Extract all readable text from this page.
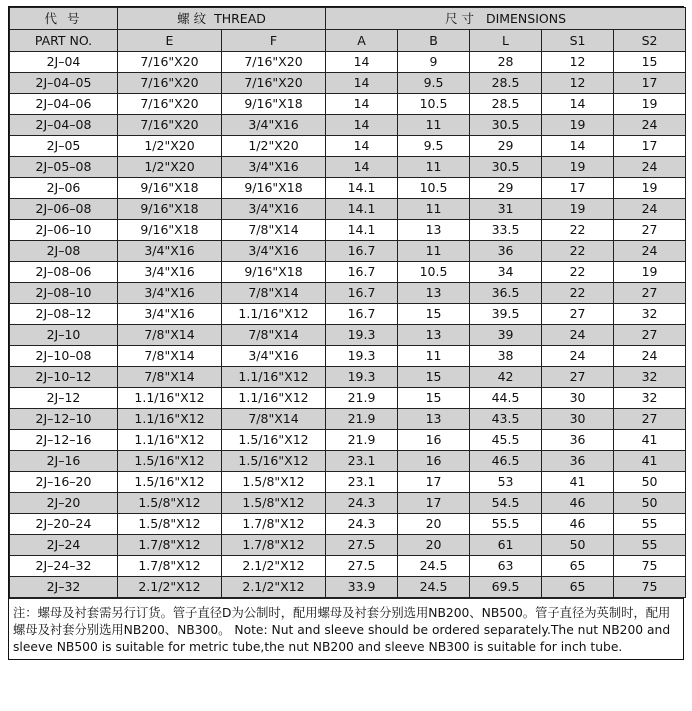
代 号	螺 纹 THREAD		尺 寸 DIMENSIONS				
PART NO.	E	F	A	B	L	S1	S2
2J–04	7/16"X20	7/16"X20	14	9	28	12	15
2J–04–05	7/16"X20	7/16"X20	14	9.5	28.5	12	17
2J–04–06	7/16"X20	9/16"X18	14	10.5	28.5	14	19
2J–04–08	7/16"X20	3/4"X16	14	11	30.5	19	24
2J–05	1/2"X20	1/2"X20	14	9.5	29	14	17
2J–05–08	1/2"X20	3/4"X16	14	11	30.5	19	24
2J–06	9/16"X18	9/16"X18	14.1	10.5	29	17	19
2J–06–08	9/16"X18	3/4"X16	14.1	11	31	19	24
2J–06–10	9/16"X18	7/8"X14	14.1	13	33.5	22	27
2J–08	3/4"X16	3/4"X16	16.7	11	36	22	24
2J–08–06	3/4"X16	9/16"X18	16.7	10.5	34	22	19
2J–08–10	3/4"X16	7/8"X14	16.7	13	36.5	22	27
2J–08–12	3/4"X16	1.1/16"X12	16.7	15	39.5	27	32
2J–10	7/8"X14	7/8"X14	19.3	13	39	24	27
2J–10–08	7/8"X14	3/4"X16	19.3	11	38	24	24
2J–10–12	7/8"X14	1.1/16"X12	19.3	15	42	27	32
2J–12	1.1/16"X12	1.1/16"X12	21.9	15	44.5	30	32
2J–12–10	1.1/16"X12	7/8"X14	21.9	13	43.5	30	27
2J–12–16	1.1/16"X12	1.5/16"X12	21.9	16	45.5	36	41
2J–16	1.5/16"X12	1.5/16"X12	23.1	16	46.5	36	41
2J–16–20	1.5/16"X12	1.5/8"X12	23.1	17	53	41	50
2J–20	1.5/8"X12	1.5/8"X12	24.3	17	54.5	46	50
2J–20–24	1.5/8"X12	1.7/8"X12	24.3	20	55.5	46	55
2J–24	1.7/8"X12	1.7/8"X12	27.5	20	61	50	55
2J–24–32	1.7/8"X12	2.1/2"X12	27.5	24.5	63	65	75
2J–32	2.1/2"X12	2.1/2"X12	33.9	24.5	69.5	65	75
注：螺母及衬套需另行订货。管子直径D为公制时，配用螺母及衬套分别选用NB200、NB500。管子直径为英制时，配用螺母及衬套分别选用NB200、NB300。 Note: Nut and sleeve should be ordered separately.The nut NB200 and sleeve NB500 is suitable for metric tube,the nut NB200 and sleeve NB300 is suitable for inch tube.
